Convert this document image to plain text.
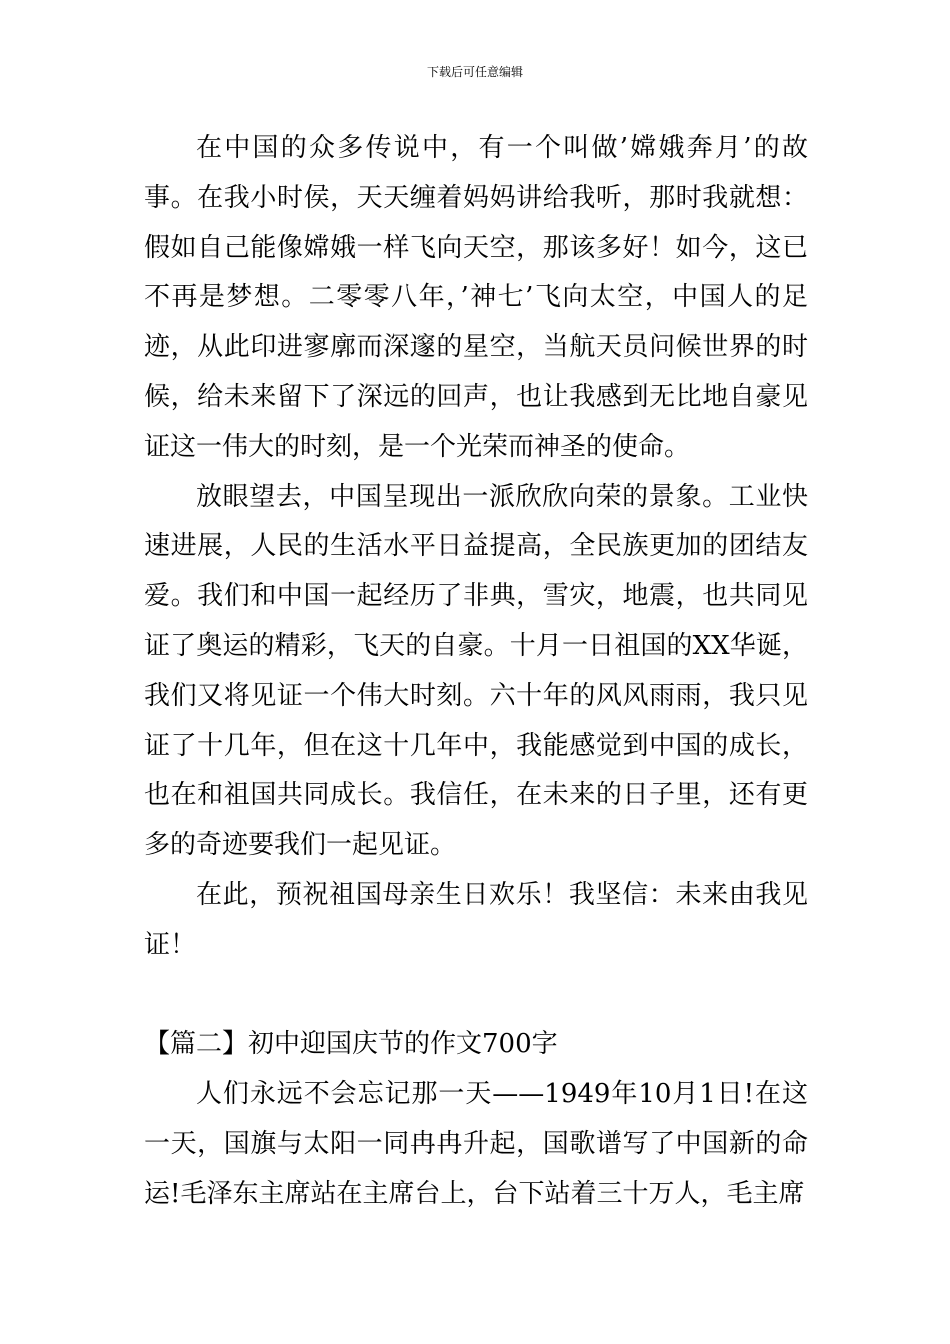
下载后可任意编辑

在中国的众多传说中，有一个叫做’嫦娥奔月’的故事。在我小时侯，天天缠着妈妈讲给我听，那时我就想：假如自己能像嫦娥一样飞向天空，那该多好！如今，这已不再是梦想。二零零八年，’神七’飞向太空，中国人的足迹，从此印进寥廓而深邃的星空，当航天员问候世界的时候，给未来留下了深远的回声，也让我感到无比地自豪见证这一伟大的时刻，是一个光荣而神圣的使命。

放眼望去，中国呈现出一派欣欣向荣的景象。工业快速进展，人民的生活水平日益提高，全民族更加的团结友爱。我们和中国一起经历了非典，雪灾，地震，也共同见证了奥运的精彩，飞天的自豪。十月一日祖国的XX华诞，我们又将见证一个伟大时刻。六十年的风风雨雨，我只见证了十几年，但在这十几年中，我能感觉到中国的成长，也在和祖国共同成长。我信任，在未来的日子里，还有更多的奇迹要我们一起见证。

在此，预祝祖国母亲生日欢乐！我坚信：未来由我见证！

【篇二】初中迎国庆节的作文700字

人们永远不会忘记那一天——1949年10月1日!在这一天，国旗与太阳一同冉冉升起，国歌谱写了中国新的命运!毛泽东主席站在主席台上，台下站着三十万人，毛主席
